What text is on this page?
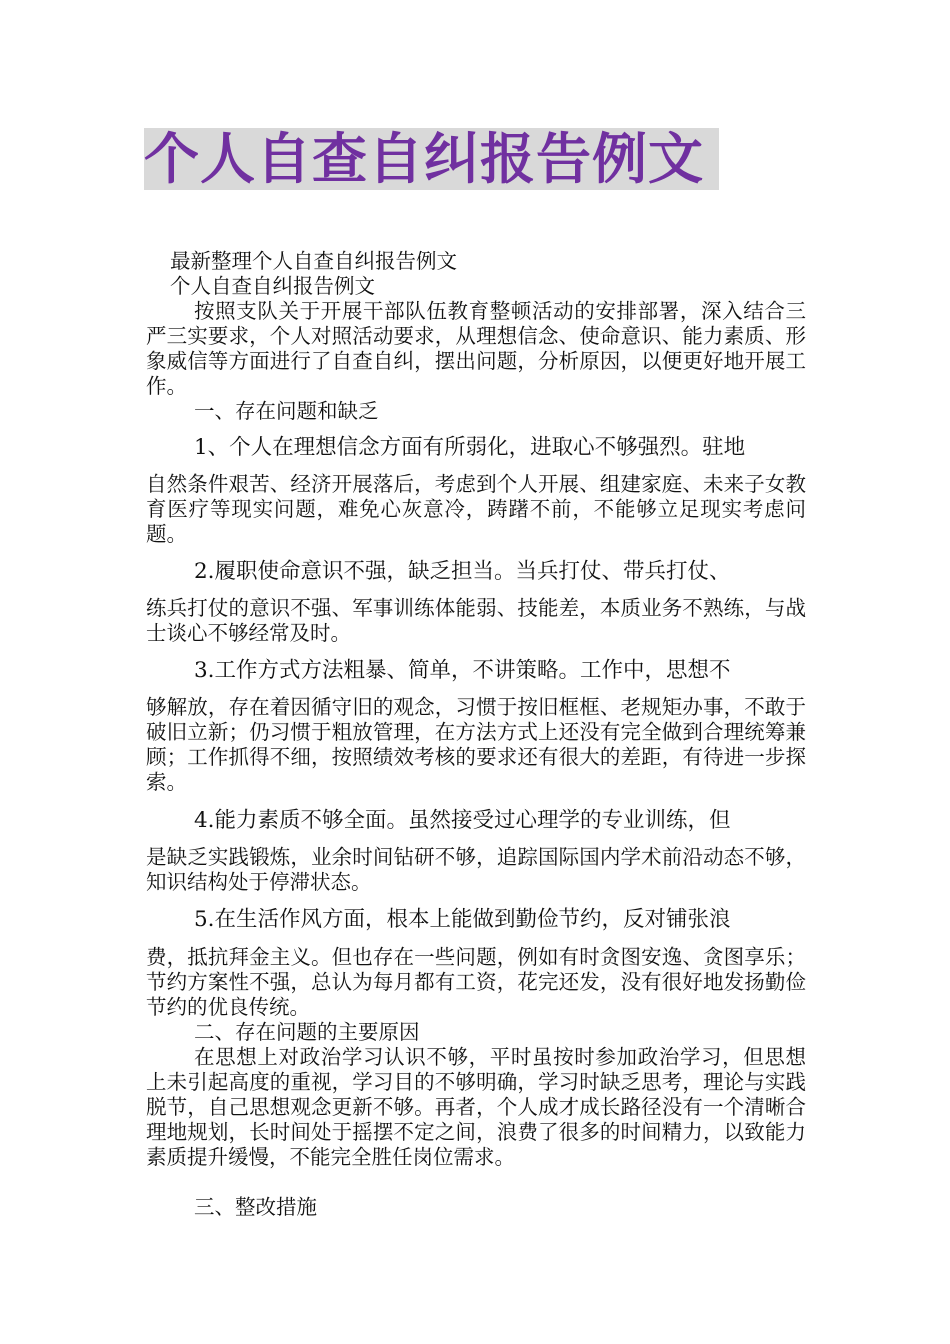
个人自查自纠报告例文

最新整理个人自查自纠报告例文

个人自查自纠报告例文

按照支队关于开展干部队伍教育整顿活动的安排部署，深入结合三严三实要求，个人对照活动要求，从理想信念、使命意识、能力素质、形象威信等方面进行了自查自纠，摆出问题，分析原因，以便更好地开展工作。

一、存在问题和缺乏

1、个人在理想信念方面有所弱化，进取心不够强烈。驻地

自然条件艰苦、经济开展落后，考虑到个人开展、组建家庭、未来子女教育医疗等现实问题，难免心灰意冷，踌躇不前，不能够立足现实考虑问题。

2.履职使命意识不强，缺乏担当。当兵打仗、带兵打仗、

练兵打仗的意识不强、军事训练体能弱、技能差，本质业务不熟练，与战士谈心不够经常及时。

3.工作方式方法粗暴、简单，不讲策略。工作中，思想不

够解放，存在着因循守旧的观念，习惯于按旧框框、老规矩办事，不敢于破旧立新；仍习惯于粗放管理，在方法方式上还没有完全做到合理统筹兼顾；工作抓得不细，按照绩效考核的要求还有很大的差距，有待进一步探索。

4.能力素质不够全面。虽然接受过心理学的专业训练，但

是缺乏实践锻炼，业余时间钻研不够，追踪国际国内学术前沿动态不够，知识结构处于停滞状态。

5.在生活作风方面，根本上能做到勤俭节约，反对铺张浪

费，抵抗拜金主义。但也存在一些问题，例如有时贪图安逸、贪图享乐；节约方案性不强，总认为每月都有工资，花完还发，没有很好地发扬勤俭节约的优良传统。

二、存在问题的主要原因

在思想上对政治学习认识不够，平时虽按时参加政治学习，但思想上未引起高度的重视，学习目的不够明确，学习时缺乏思考，理论与实践脱节，自己思想观念更新不够。再者，个人成才成长路径没有一个清晰合理地规划，长时间处于摇摆不定之间，浪费了很多的时间精力，以致能力素质提升缓慢，不能完全胜任岗位需求。

三、整改措施
